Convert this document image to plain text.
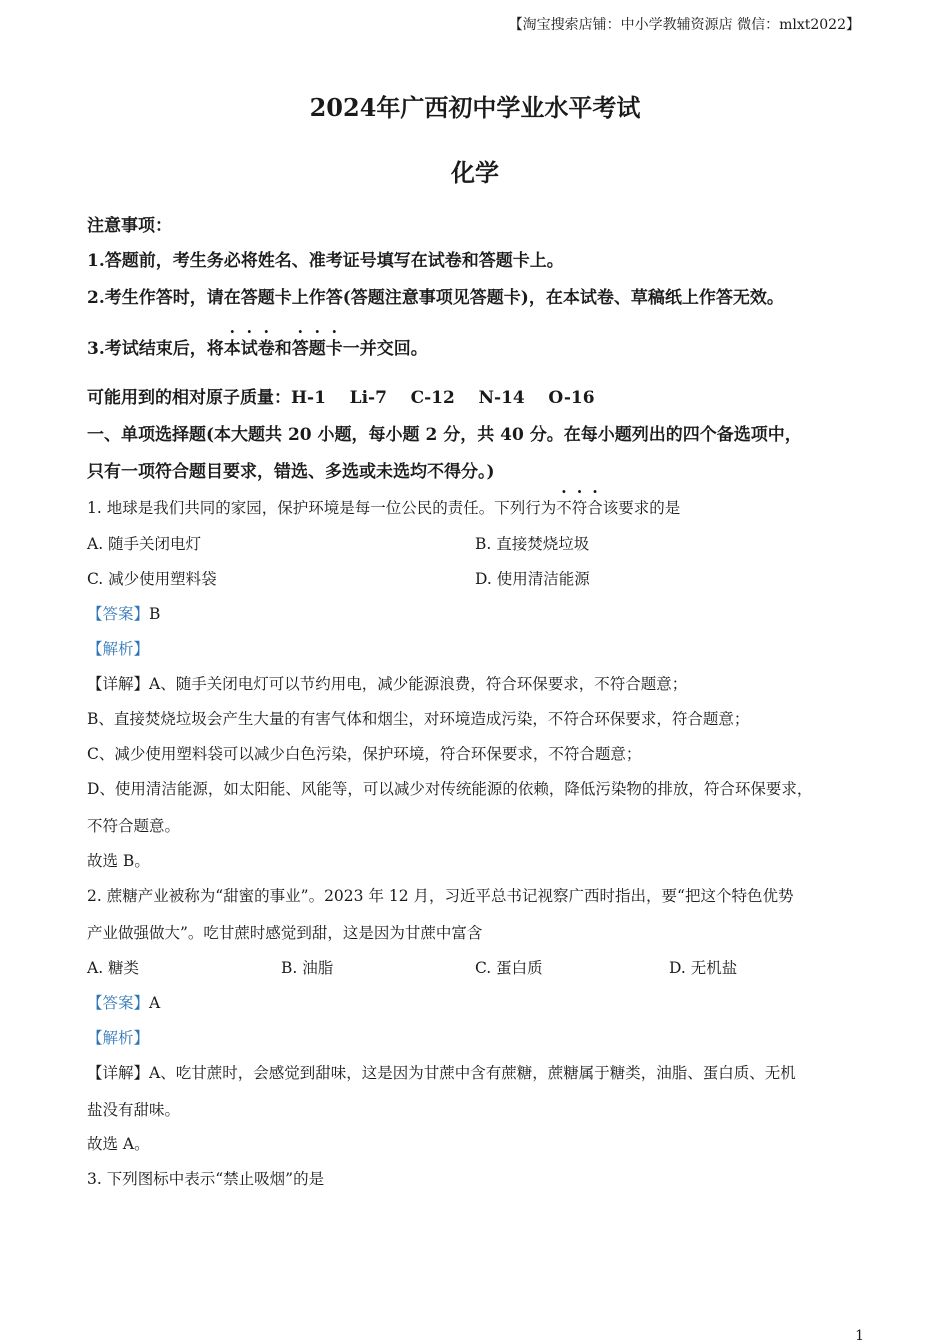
【淘宝搜索店铺：中小学教辅资源店 微信：mlxt2022】
2024年广西初中学业水平考试
化学
注意事项：
1.答题前，考生务必将姓名、准考证号填写在试卷和答题卡上。
2.考生作答时，请在答题卡上作答(答题注意事项见答题卡)，在本试卷、草稿纸上作答无效。
3.考试结束后，将本试卷和答题卡一并交回。
可能用到的相对原子质量：H-1    Li-7    C-12    N-14    O-16
一、单项选择题(本大题共 20 小题，每小题 2 分，共 40 分。在每小题列出的四个备选项中，
只有一项符合题目要求，错选、多选或未选均不得分。)
1. 地球是我们共同的家园，保护环境是每一位公民的责任。下列行为不符合该要求的是
A. 随手关闭电灯	B. 直接焚烧垃圾
C. 减少使用塑料袋	D. 使用清洁能源
【答案】B
【解析】
【详解】A、随手关闭电灯可以节约用电，减少能源浪费，符合环保要求，不符合题意；
B、直接焚烧垃圾会产生大量的有害气体和烟尘，对环境造成污染，不符合环保要求，符合题意；
C、减少使用塑料袋可以减少白色污染，保护环境，符合环保要求，不符合题意；
D、使用清洁能源，如太阳能、风能等，可以减少对传统能源的依赖，降低污染物的排放，符合环保要求，
不符合题意。
故选 B。
2. 蔗糖产业被称为“甜蜜的事业”。2023 年 12 月，习近平总书记视察广西时指出，要“把这个特色优势
产业做强做大”。吃甘蔗时感觉到甜，这是因为甘蔗中富含
A. 糖类	B. 油脂	C. 蛋白质	D. 无机盐
【答案】A
【解析】
【详解】A、吃甘蔗时，会感觉到甜味，这是因为甘蔗中含有蔗糖，蔗糖属于糖类，油脂、蛋白质、无机
盐没有甜味。
故选 A。
3. 下列图标中表示“禁止吸烟”的是
1
